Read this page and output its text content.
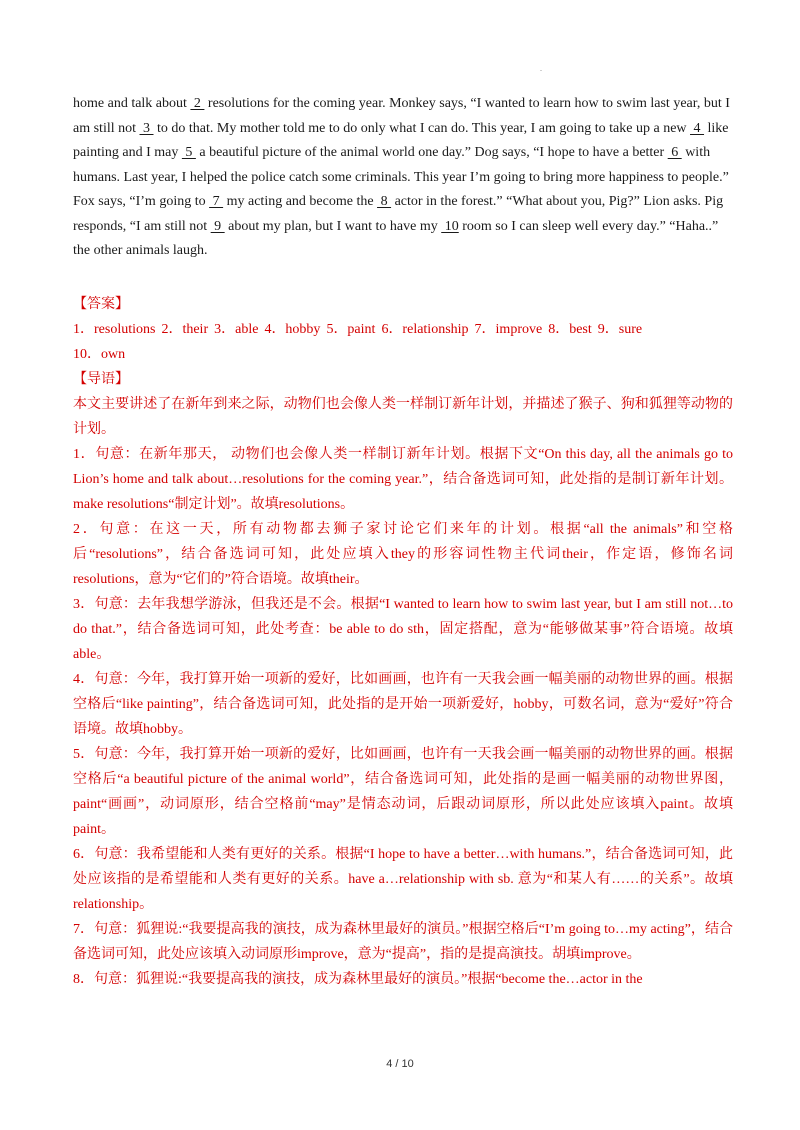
.
home and talk about  2  resolutions for the coming year. Monkey says, “I wanted to learn how to swim last year, but I am still not  3  to do that. My mother told me to do only what I can do. This year, I am going to take up a new  4  like painting and I may  5  a beautiful picture of the animal world one day.” Dog says, “I hope to have a better  6  with humans. Last year, I helped the police catch some criminals. This year I’m going to bring more happiness to people.” Fox says, “I’m going to  7  my acting and become the  8  actor in the forest.” “What about you, Pig?” Lion asks. Pig responds, “I am still not  9  about my plan, but I want to have my  10 room so I can sleep well every day.” “Haha..” the other animals laugh.
【答案】
1．resolutions 2．their 3．able 4．hobby 5．paint 6．relationship 7．improve 8．best 9．sure
10．own
【导语】

本文主要讲述了在新年到来之际，动物们也会像人类一样制订新年计划，并描述了猴子、狗和狐狸等动物的计划。

1．句意：在新年那天， 动物们也会像人类一样制订新年计划。根据下文“On this day, all the animals go to Lion’s home and talk about…resolutions for the coming year.”，结合备选词可知，此处指的是制订新年计划。make resolutions“制定计划”。故填resolutions。

2．句意：在这一天，所有动物都去狮子家讨论它们来年的计划。根据“all the animals”和空格后“resolutions”，结合备选词可知，此处应填入they的形容词性物主代词their，作定语，修饰名词resolutions，意为“它们的”符合语境。故填their。

3．句意：去年我想学游泳，但我还是不会。根据“I wanted to learn how to swim last year, but I am still not…to do that.”，结合备选词可知，此处考查：be able to do sth，固定搭配，意为“能够做某事”符合语境。故填able。

4．句意：今年，我打算开始一项新的爱好，比如画画，也许有一天我会画一幅美丽的动物世界的画。根据空格后“like painting”，结合备选词可知，此处指的是开始一项新爱好，hobby，可数名词，意为“爱好”符合语境。故填hobby。

5．句意：今年，我打算开始一项新的爱好，比如画画，也许有一天我会画一幅美丽的动物世界的画。根据空格后“a beautiful picture of the animal world”，结合备选词可知，此处指的是画一幅美丽的动物世界图，paint“画画”，动词原形，结合空格前“may”是情态动词，后跟动词原形，所以此处应该填入paint。故填paint。

6．句意：我希望能和人类有更好的关系。根据“I hope to have a better…with humans.”，结合备选词可知，此处应该指的是希望能和人类有更好的关系。have a…relationship with sb. 意为“和某人有……的关系”。故填relationship。

7．句意：狐狸说:“我要提高我的演技，成为森林里最好的演员。”根据空格后“I’m going to…my acting”，结合备选词可知，此处应该填入动词原形improve，意为“提高”，指的是提高演技。胡填improve。

8．句意：狐狸说:“我要提高我的演技，成为森林里最好的演员。”根据“become the…actor in the

4 / 10
